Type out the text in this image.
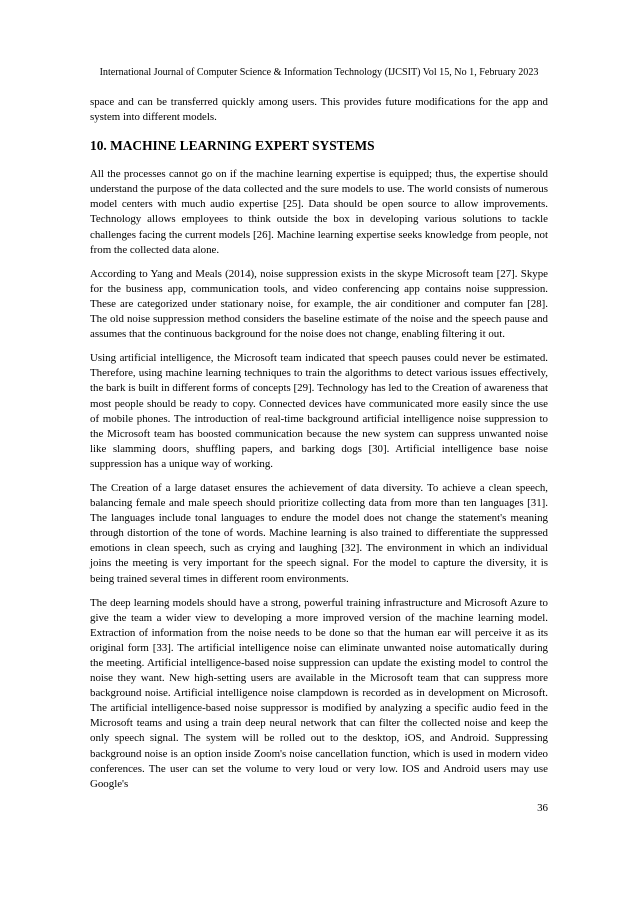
International Journal of Computer Science & Information Technology (IJCSIT) Vol 15, No 1, February 2023

space and can be transferred quickly among users. This provides future modifications for the app and system into different models.

10. MACHINE LEARNING EXPERT SYSTEMS

All the processes cannot go on if the machine learning expertise is equipped; thus, the expertise should understand the purpose of the data collected and the sure models to use. The world consists of numerous model centers with much audio expertise [25]. Data should be open source to allow improvements. Technology allows employees to think outside the box in developing various solutions to tackle challenges facing the current models [26]. Machine learning expertise seeks knowledge from people, not from the collected data alone.

According to Yang and Meals (2014), noise suppression exists in the skype Microsoft team [27]. Skype for the business app, communication tools, and video conferencing app contains noise suppression. These are categorized under stationary noise, for example, the air conditioner and computer fan [28]. The old noise suppression method considers the baseline estimate of the noise and the speech pause and assumes that the continuous background for the noise does not change, enabling filtering it out.

Using artificial intelligence, the Microsoft team indicated that speech pauses could never be estimated. Therefore, using machine learning techniques to train the algorithms to detect various issues effectively, the bark is built in different forms of concepts [29]. Technology has led to the Creation of awareness that most people should be ready to copy. Connected devices have communicated more easily since the use of mobile phones. The introduction of real-time background artificial intelligence noise suppression to the Microsoft team has boosted communication because the new system can suppress unwanted noise like slamming doors, shuffling papers, and barking dogs [30]. Artificial intelligence base noise suppression has a unique way of working.

The Creation of a large dataset ensures the achievement of data diversity. To achieve a clean speech, balancing female and male speech should prioritize collecting data from more than ten languages [31]. The languages include tonal languages to endure the model does not change the statement's meaning through distortion of the tone of words. Machine learning is also trained to differentiate the suppressed emotions in clean speech, such as crying and laughing [32]. The environment in which an individual joins the meeting is very important for the speech signal. For the model to capture the diversity, it is being trained several times in different room environments.

The deep learning models should have a strong, powerful training infrastructure and Microsoft Azure to give the team a wider view to developing a more improved version of the machine learning model. Extraction of information from the noise needs to be done so that the human ear will perceive it as its original form [33]. The artificial intelligence noise can eliminate unwanted noise automatically during the meeting. Artificial intelligence-based noise suppression can update the existing model to control the noise they want. New high-setting users are available in the Microsoft team that can suppress more background noise. Artificial intelligence noise clampdown is recorded as in development on Microsoft. The artificial intelligence-based noise suppressor is modified by analyzing a specific audio feed in the Microsoft teams and using a train deep neural network that can filter the collected noise and keep the only speech signal. The system will be rolled out to the desktop, iOS, and Android. Suppressing background noise is an option inside Zoom's noise cancellation function, which is used in modern video conferences. The user can set the volume to very loud or very low. IOS and Android users may use Google's

36
